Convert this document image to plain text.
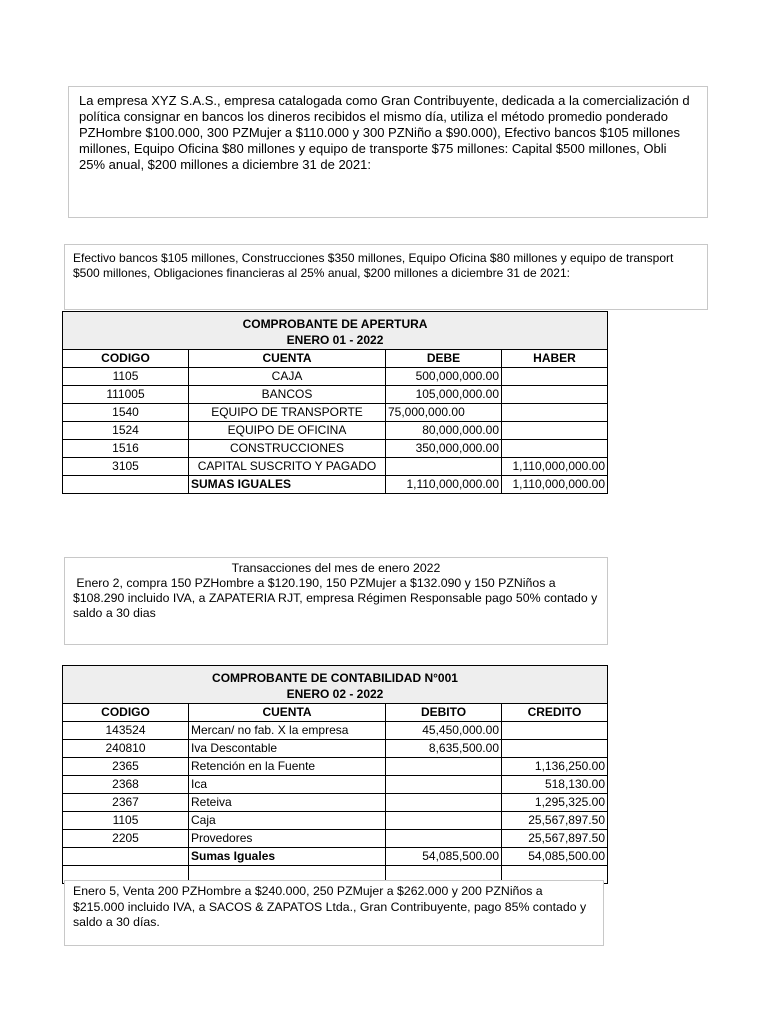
La empresa XYZ S.A.S., empresa catalogada como Gran Contribuyente, dedicada a la comercialización d

política consignar en bancos los dineros recibidos el mismo día, utiliza el método promedio ponderado

PZHombre $100.000, 300 PZMujer a $110.000 y 300 PZNiño a $90.000), Efectivo bancos $105 millones

millones, Equipo Oficina $80 millones y equipo de transporte $75 millones: Capital $500 millones, Obli

25% anual, $200 millones a diciembre 31 de 2021:

Efectivo bancos $105 millones, Construcciones $350 millones, Equipo Oficina $80 millones y equipo de transport

$500 millones, Obligaciones financieras al 25% anual, $200 millones a diciembre 31 de 2021:

COMPROBANTE DE APERTURA
ENERO 01 - 2022			

CODIGO	CUENTA	DEBE	HABER
1105	CAJA	500,000,000.00	
111005	BANCOS	105,000,000.00	
1540	EQUIPO DE TRANSPORTE	75,000,000.00	
1524	EQUIPO DE OFICINA	80,000,000.00	
1516	CONSTRUCCIONES	350,000,000.00	
3105	CAPITAL SUSCRITO Y PAGADO		1,110,000,000.00
	SUMAS IGUALES	1,110,000,000.00	1,110,000,000.00

Transacciones del mes de enero 2022

Enero 2, compra 150 PZHombre a $120.190, 150 PZMujer a $132.090 y 150 PZNiños a

$108.290 incluido IVA, a ZAPATERIA RJT, empresa Régimen Responsable pago 50% contado y

saldo a 30 dias

COMPROBANTE DE CONTABILIDAD N°001
ENERO 02 - 2022			

CODIGO	CUENTA	DEBITO	CREDITO
143524	Mercan/ no fab. X la empresa	45,450,000.00	
240810	Iva Descontable	8,635,500.00	
2365	Retención en la Fuente		1,136,250.00
2368	Ica		518,130.00
2367	Reteiva		1,295,325.00
1105	Caja		25,567,897.50
2205	Provedores		25,567,897.50
	Sumas Iguales	54,085,500.00	54,085,500.00

Enero 5, Venta 200 PZHombre a $240.000, 250 PZMujer a $262.000 y 200 PZNiños a

$215.000 incluido IVA, a SACOS & ZAPATOS Ltda., Gran Contribuyente, pago 85% contado y

saldo a 30 días.
